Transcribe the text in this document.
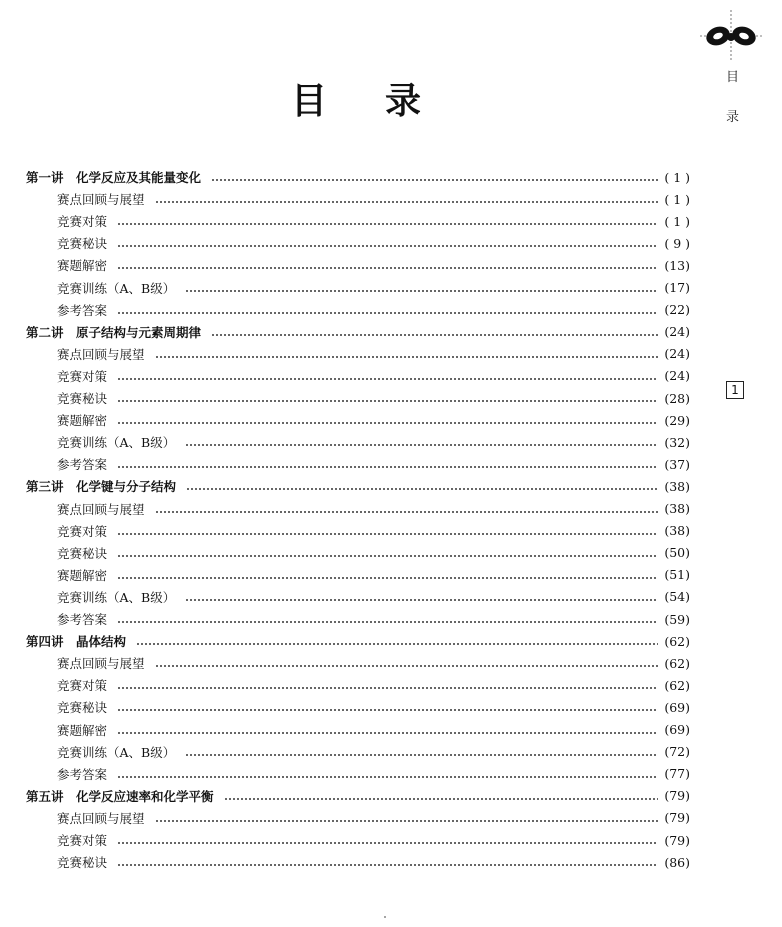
目录
目
录
1
第一讲　化学反应及其能量变化	( 1 )
赛点回顾与展望	( 1 )
竞赛对策	( 1 )
竞赛秘诀	( 9 )
赛题解密	(13)
竞赛训练（A、B级）	(17)
参考答案	(22)
第二讲　原子结构与元素周期律	(24)
赛点回顾与展望	(24)
竞赛对策	(24)
竞赛秘诀	(28)
赛题解密	(29)
竞赛训练（A、B级）	(32)
参考答案	(37)
第三讲　化学键与分子结构	(38)
赛点回顾与展望	(38)
竞赛对策	(38)
竞赛秘诀	(50)
赛题解密	(51)
竞赛训练（A、B级）	(54)
参考答案	(59)
第四讲　晶体结构	(62)
赛点回顾与展望	(62)
竞赛对策	(62)
竞赛秘诀	(69)
赛题解密	(69)
竞赛训练（A、B级）	(72)
参考答案	(77)
第五讲　化学反应速率和化学平衡	(79)
赛点回顾与展望	(79)
竞赛对策	(79)
竞赛秘诀	(86)
